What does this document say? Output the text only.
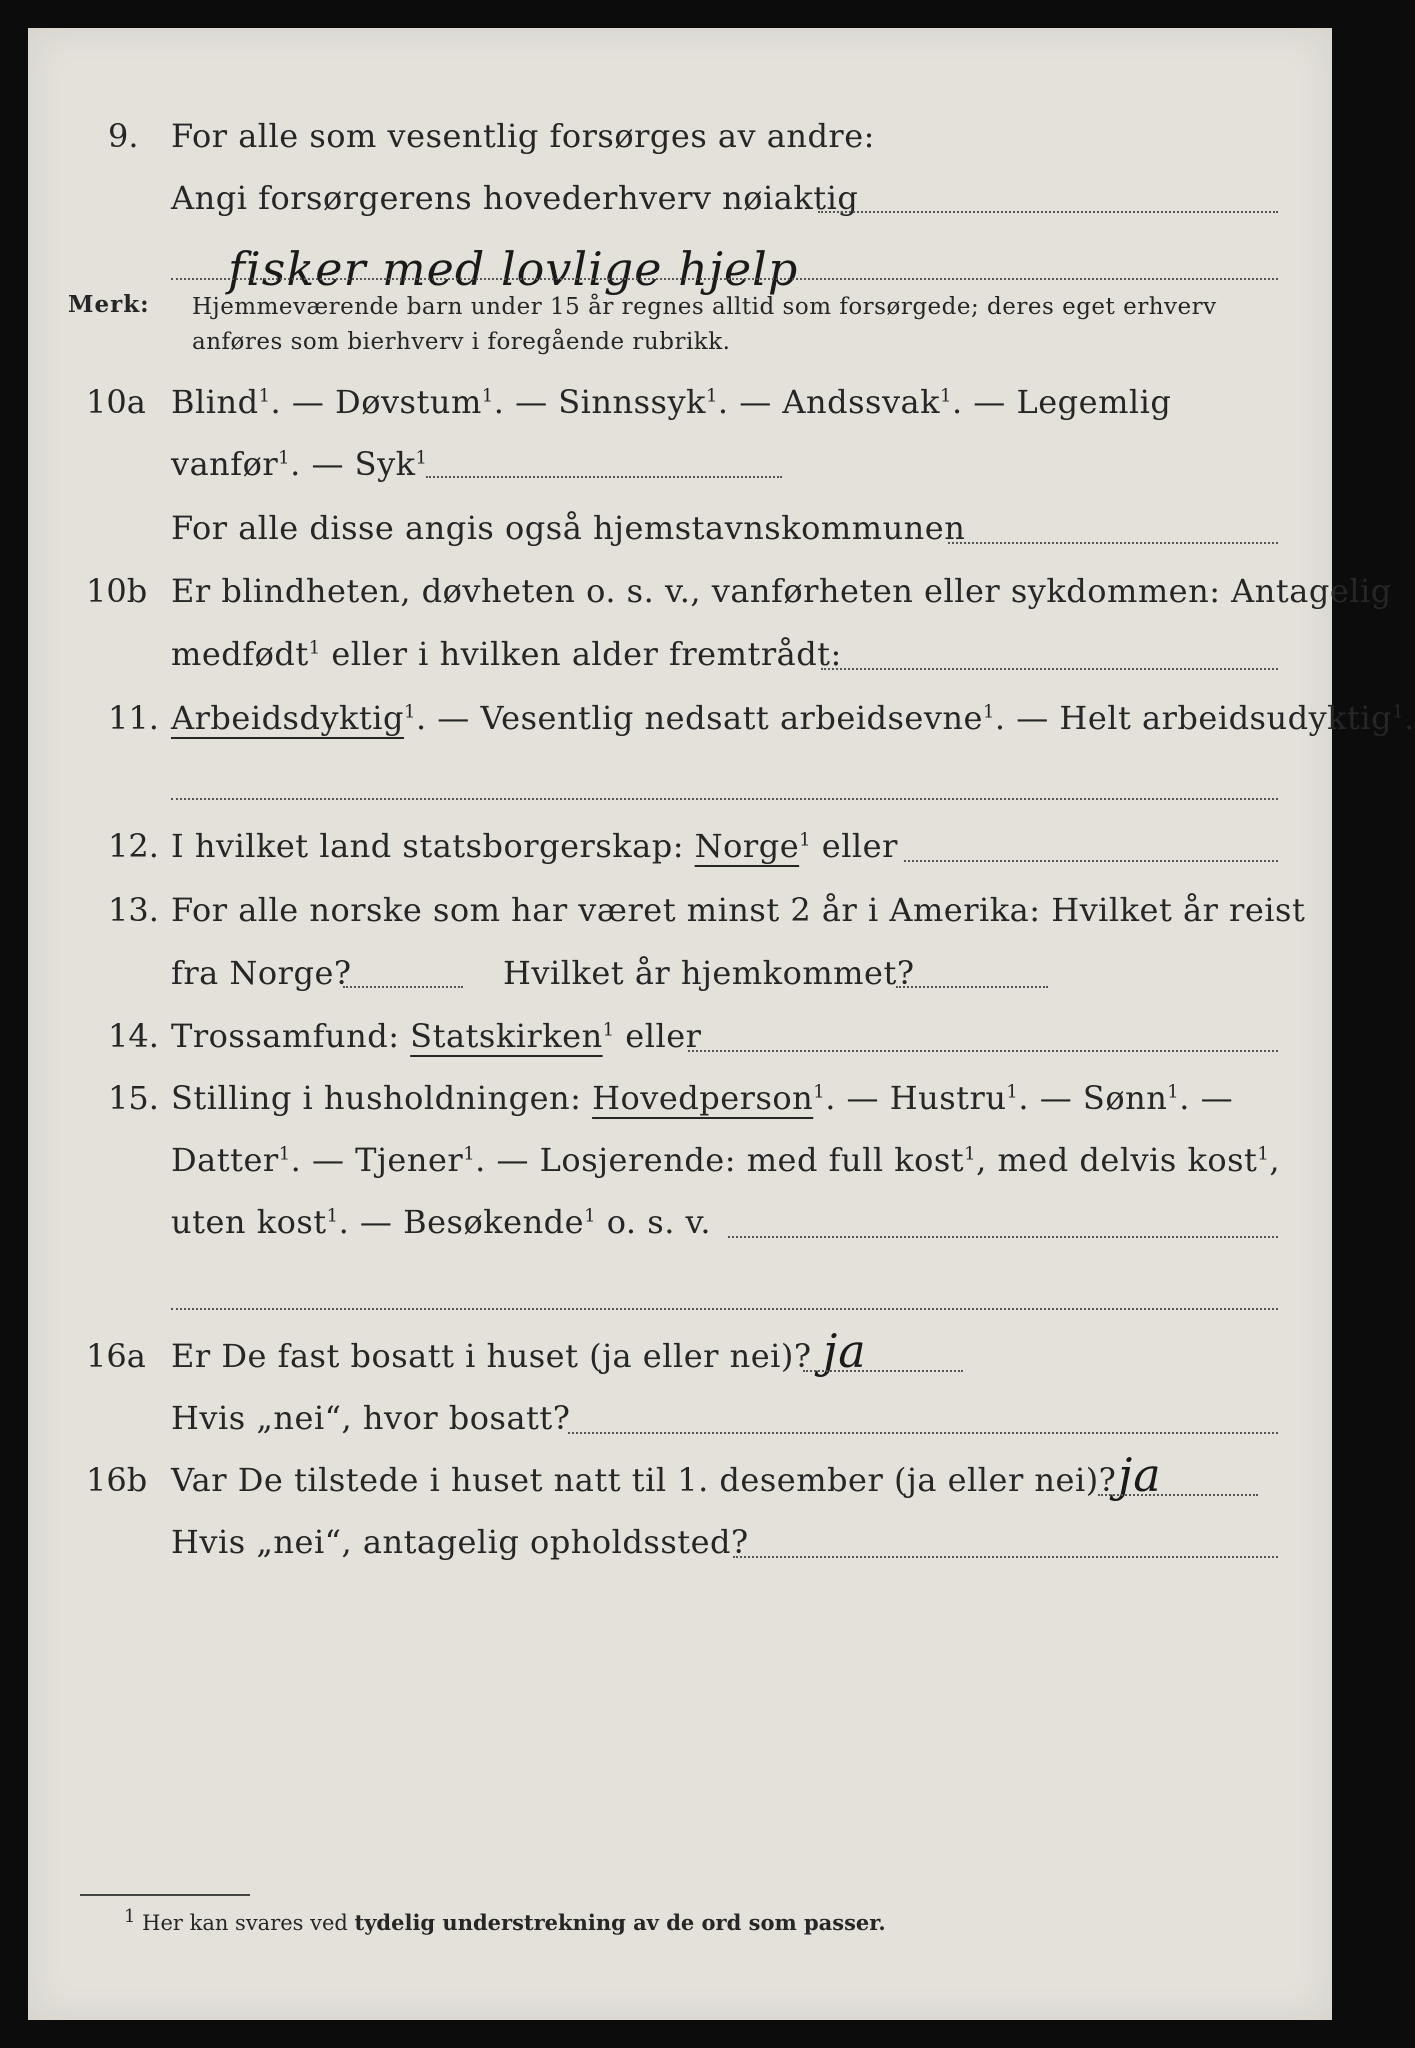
9. For alle som vesentlig forsørges av andre:
Angi forsørgerens hovederhverv nøiaktig
fisker med lovlige hjelp
Merk: Hjemmeværende barn under 15 år regnes alltid som forsørgede; deres eget erhverv
anføres som bierhverv i foregående rubrikk.
10a Blind$^1$. — Døvstum$^1$. — Sinnssyk$^1$. — Andssvak$^1$. — Legemlig
vanfør$^1$. — Syk$^1$
For alle disse angis også hjemstavnskommunen
10b Er blindheten, døvheten o. s. v., vanførheten eller sykdommen: Antagelig
medfødt$^1$ eller i hvilken alder fremtrådt:
11. Arbeidsdyktig$^1$. — Vesentlig nedsatt arbeidsevne$^1$. — Helt arbeidsudyktig$^1$.
12. I hvilket land statsborgerskap: Norge$^1$ eller
13. For alle norske som har været minst 2 år i Amerika: Hvilket år reist
fra Norge?	Hvilket år hjemkommet?
14. Trossamfund: Statskirken$^1$ eller
15. Stilling i husholdningen: Hovedperson$^1$. — Hustru$^1$. — Sønn$^1$. —
Datter$^1$. — Tjener$^1$. — Losjerende: med full kost$^1$, med delvis kost$^1$,
uten kost$^1$. — Besøkende$^1$ o. s. v.
16a Er De fast bosatt i huset (ja eller nei)? ja
Hvis „nei“, hvor bosatt?
16b Var De tilstede i huset natt til 1. desember (ja eller nei)? ja
Hvis „nei“, antagelig opholdssted?
1 Her kan svares ved tydelig understrekning av de ord som passer.
